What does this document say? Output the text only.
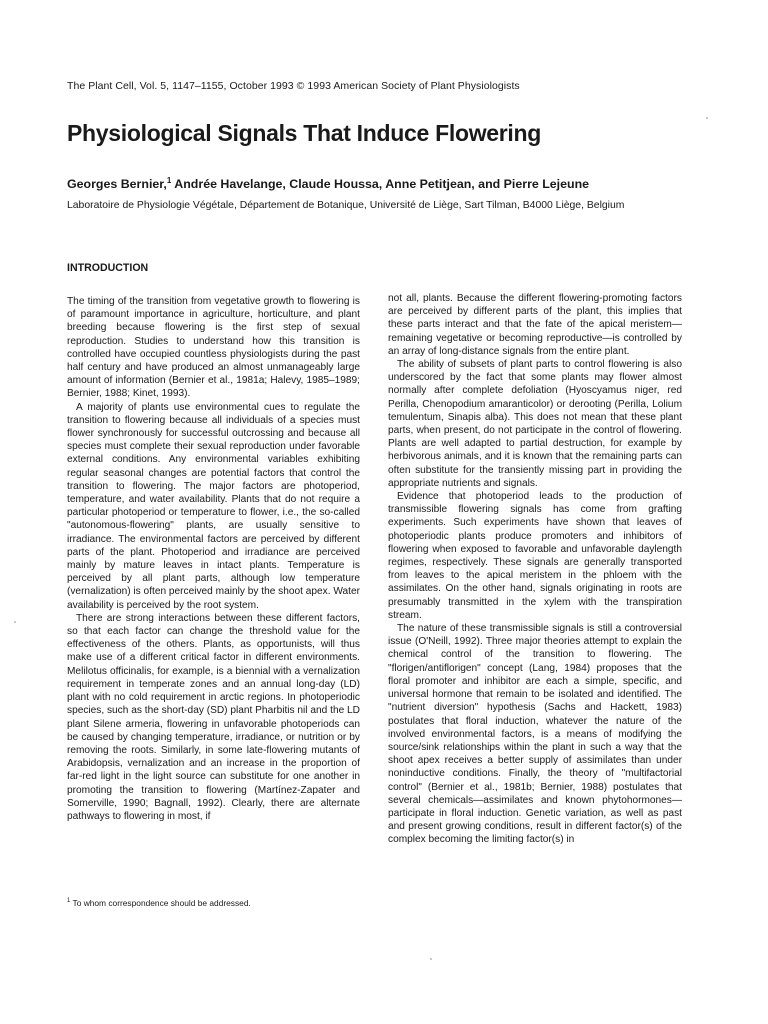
The Plant Cell, Vol. 5, 1147–1155, October 1993 © 1993 American Society of Plant Physiologists
Physiological Signals That Induce Flowering

Georges Bernier,$^1$ Andrée Havelange, Claude Houssa, Anne Petitjean, and Pierre Lejeune

Laboratoire de Physiologie Végétale, Département de Botanique, Université de Liège, Sart Tilman, B4000 Liège, Belgium

INTRODUCTION

The timing of the transition from vegetative growth to flowering is of paramount importance in agriculture, horticulture, and plant breeding because flowering is the first step of sexual reproduction. Studies to understand how this transition is controlled have occupied countless physiologists during the past half century and have produced an almost unmanageably large amount of information (Bernier et al., 1981a; Halevy, 1985–1989; Bernier, 1988; Kinet, 1993).

A majority of plants use environmental cues to regulate the transition to flowering because all individuals of a species must flower synchronously for successful outcrossing and because all species must complete their sexual reproduction under favorable external conditions. Any environmental variables exhibiting regular seasonal changes are potential factors that control the transition to flowering. The major factors are photoperiod, temperature, and water availability. Plants that do not require a particular photoperiod or temperature to flower, i.e., the so-called "autonomous-flowering" plants, are usually sensitive to irradiance. The environmental factors are perceived by different parts of the plant. Photoperiod and irradiance are perceived mainly by mature leaves in intact plants. Temperature is perceived by all plant parts, although low temperature (vernalization) is often perceived mainly by the shoot apex. Water availability is perceived by the root system.

There are strong interactions between these different factors, so that each factor can change the threshold value for the effectiveness of the others. Plants, as opportunists, will thus make use of a different critical factor in different environments. Melilotus officinalis, for example, is a biennial with a vernalization requirement in temperate zones and an annual long-day (LD) plant with no cold requirement in arctic regions. In photoperiodic species, such as the short-day (SD) plant Pharbitis nil and the LD plant Silene armeria, flowering in unfavorable photoperiods can be caused by changing temperature, irradiance, or nutrition or by removing the roots. Similarly, in some late-flowering mutants of Arabidopsis, vernalization and an increase in the proportion of far-red light in the light source can substitute for one another in promoting the transition to flowering (Martínez-Zapater and Somerville, 1990; Bagnall, 1992). Clearly, there are alternate pathways to flowering in most, if

not all, plants. Because the different flowering-promoting factors are perceived by different parts of the plant, this implies that these parts interact and that the fate of the apical meristem—remaining vegetative or becoming reproductive—is controlled by an array of long-distance signals from the entire plant.

The ability of subsets of plant parts to control flowering is also underscored by the fact that some plants may flower almost normally after complete defoliation (Hyoscyamus niger, red Perilla, Chenopodium amaranticolor) or derooting (Perilla, Lolium temulentum, Sinapis alba). This does not mean that these plant parts, when present, do not participate in the control of flowering. Plants are well adapted to partial destruction, for example by herbivorous animals, and it is known that the remaining parts can often substitute for the transiently missing part in providing the appropriate nutrients and signals.

Evidence that photoperiod leads to the production of transmissible flowering signals has come from grafting experiments. Such experiments have shown that leaves of photoperiodic plants produce promoters and inhibitors of flowering when exposed to favorable and unfavorable daylength regimes, respectively. These signals are generally transported from leaves to the apical meristem in the phloem with the assimilates. On the other hand, signals originating in roots are presumably transmitted in the xylem with the transpiration stream.

The nature of these transmissible signals is still a controversial issue (O'Neill, 1992). Three major theories attempt to explain the chemical control of the transition to flowering. The "florigen/antiflorigen" concept (Lang, 1984) proposes that the floral promoter and inhibitor are each a simple, specific, and universal hormone that remain to be isolated and identified. The "nutrient diversion" hypothesis (Sachs and Hackett, 1983) postulates that floral induction, whatever the nature of the involved environmental factors, is a means of modifying the source/sink relationships within the plant in such a way that the shoot apex receives a better supply of assimilates than under noninductive conditions. Finally, the theory of "multifactorial control" (Bernier et al., 1981b; Bernier, 1988) postulates that several chemicals—assimilates and known phytohormones—participate in floral induction. Genetic variation, as well as past and present growing conditions, result in different factor(s) of the complex becoming the limiting factor(s) in

$^1$ To whom correspondence should be addressed.
